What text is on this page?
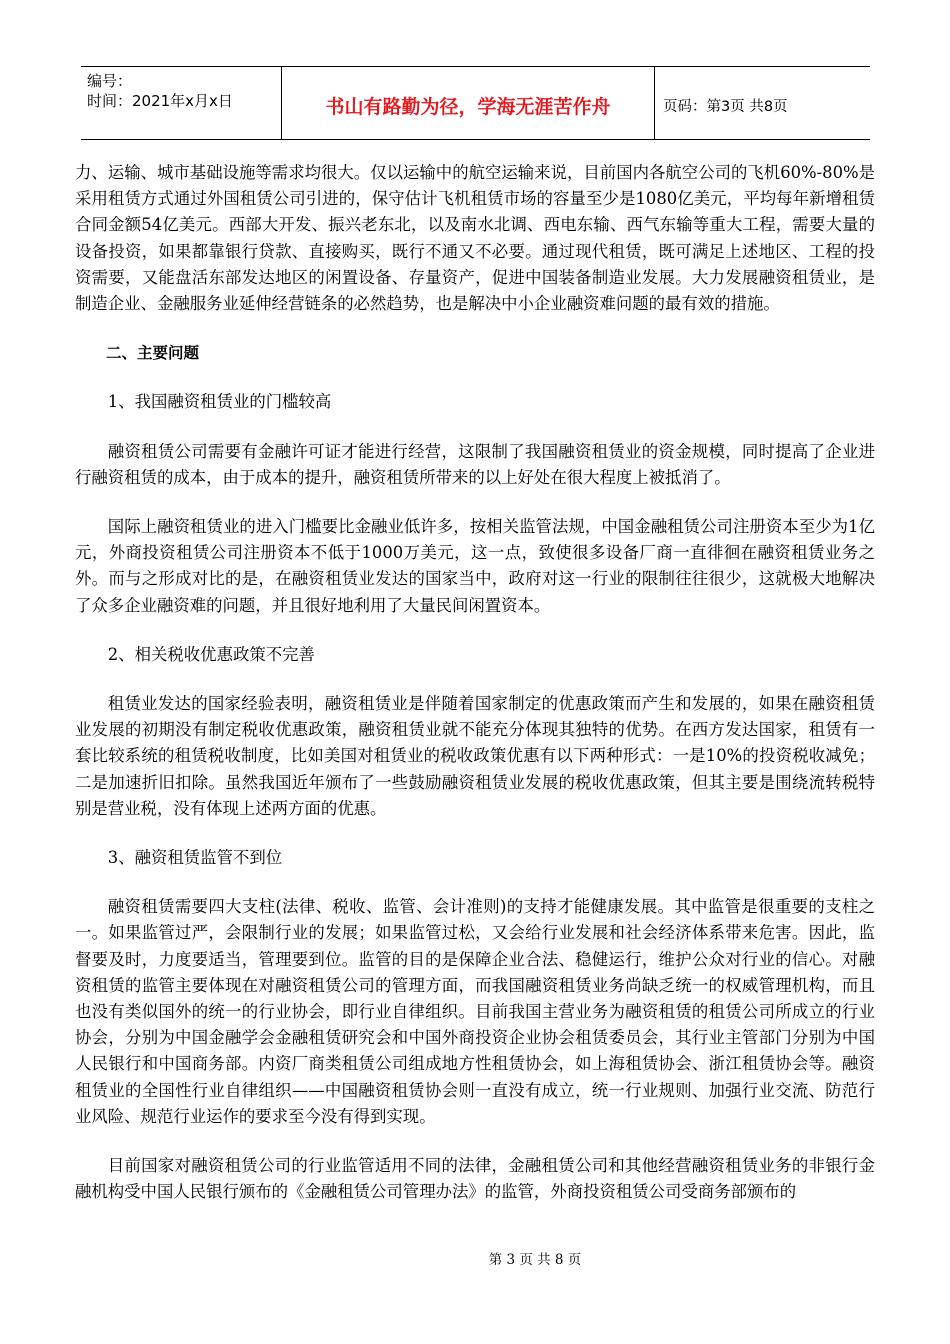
编号：
时间：2021年x月x日	书山有路勤为径，学海无涯苦作舟	页码：第3页 共8页

力、运输、城市基础设施等需求均很大。仅以运输中的航空运输来说，目前国内各航空公司的飞机60%-80%是采用租赁方式通过外国租赁公司引进的，保守估计飞机租赁市场的容量至少是1080亿美元，平均每年新增租赁合同金额54亿美元。西部大开发、振兴老东北，以及南水北调、西电东输、西气东输等重大工程，需要大量的设备投资，如果都靠银行贷款、直接购买，既行不通又不必要。通过现代租赁，既可满足上述地区、工程的投资需要，又能盘活东部发达地区的闲置设备、存量资产，促进中国装备制造业发展。大力发展融资租赁业，是制造企业、金融服务业延伸经营链条的必然趋势，也是解决中小企业融资难问题的最有效的措施。

二、主要问题

1、我国融资租赁业的门槛较高

融资租赁公司需要有金融许可证才能进行经营，这限制了我国融资租赁业的资金规模，同时提高了企业进行融资租赁的成本，由于成本的提升，融资租赁所带来的以上好处在很大程度上被抵消了。

国际上融资租赁业的进入门槛要比金融业低许多，按相关监管法规，中国金融租赁公司注册资本至少为1亿元，外商投资租赁公司注册资本不低于1000万美元，这一点，致使很多设备厂商一直徘徊在融资租赁业务之外。而与之形成对比的是，在融资租赁业发达的国家当中，政府对这一行业的限制往往很少，这就极大地解决了众多企业融资难的问题，并且很好地利用了大量民间闲置资本。

2、相关税收优惠政策不完善

租赁业发达的国家经验表明，融资租赁业是伴随着国家制定的优惠政策而产生和发展的，如果在融资租赁业发展的初期没有制定税收优惠政策，融资租赁业就不能充分体现其独特的优势。在西方发达国家，租赁有一套比较系统的租赁税收制度，比如美国对租赁业的税收政策优惠有以下两种形式：一是10%的投资税收减免；二是加速折旧扣除。虽然我国近年颁布了一些鼓励融资租赁业发展的税收优惠政策，但其主要是围绕流转税特别是营业税，没有体现上述两方面的优惠。

3、融资租赁监管不到位

融资租赁需要四大支柱(法律、税收、监管、会计准则)的支持才能健康发展。其中监管是很重要的支柱之一。如果监管过严，会限制行业的发展；如果监管过松，又会给行业发展和社会经济体系带来危害。因此，监督要及时，力度要适当，管理要到位。监管的目的是保障企业合法、稳健运行，维护公众对行业的信心。对融资租赁的监管主要体现在对融资租赁公司的管理方面，而我国融资租赁业务尚缺乏统一的权威管理机构，而且也没有类似国外的统一的行业协会，即行业自律组织。目前我国主营业务为融资租赁的租赁公司所成立的行业协会，分别为中国金融学会金融租赁研究会和中国外商投资企业协会租赁委员会，其行业主管部门分别为中国人民银行和中国商务部。内资厂商类租赁公司组成地方性租赁协会，如上海租赁协会、浙江租赁协会等。融资租赁业的全国性行业自律组织——中国融资租赁协会则一直没有成立，统一行业规则、加强行业交流、防范行业风险、规范行业运作的要求至今没有得到实现。

目前国家对融资租赁公司的行业监管适用不同的法律，金融租赁公司和其他经营融资租赁业务的非银行金融机构受中国人民银行颁布的《金融租赁公司管理办法》的监管，外商投资租赁公司受商务部颁布的

第 3 页 共 8 页
